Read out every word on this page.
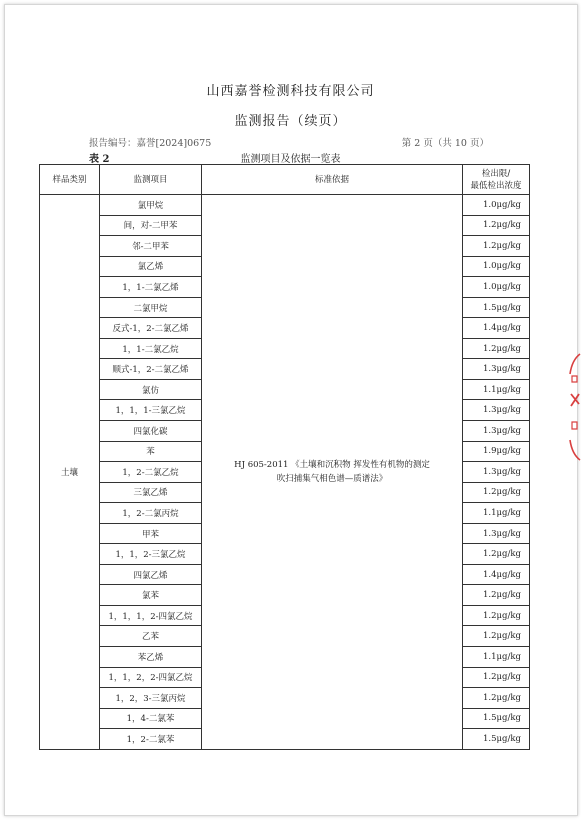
山西嘉誉检测科技有限公司
监测报告（续页）
报告编号：嘉誉[2024]0675	第 2 页（共 10 页）
表 2	监测项目及依据一览表
样品类别	监测项目	标准依据	检出限/
最低检出浓度
土壤	氯甲烷	HJ 605-2011 《土壤和沉积物 挥发性有机物的测定
吹扫捕集气相色谱—质谱法》	1.0μg/kg
	间，对-二甲苯		1.2μg/kg
	邻-二甲苯		1.2μg/kg
	氯乙烯		1.0μg/kg
	1，1-二氯乙烯		1.0μg/kg
	二氯甲烷		1.5μg/kg
	反式-1，2-二氯乙烯		1.4μg/kg
	1，1-二氯乙烷		1.2μg/kg
	顺式-1，2-二氯乙烯		1.3μg/kg
	氯仿		1.1μg/kg
	1，1，1-三氯乙烷		1.3μg/kg
	四氯化碳		1.3μg/kg
	苯		1.9μg/kg
	1，2-二氯乙烷		1.3μg/kg
	三氯乙烯		1.2μg/kg
	1，2-二氯丙烷		1.1μg/kg
	甲苯		1.3μg/kg
	1，1，2-三氯乙烷		1.2μg/kg
	四氯乙烯		1.4μg/kg
	氯苯		1.2μg/kg
	1，1，1，2-四氯乙烷		1.2μg/kg
	乙苯		1.2μg/kg
	苯乙烯		1.1μg/kg
	1，1，2，2-四氯乙烷		1.2μg/kg
	1，2，3-三氯丙烷		1.2μg/kg
	1，4-二氯苯		1.5μg/kg
	1，2-二氯苯		1.5μg/kg
